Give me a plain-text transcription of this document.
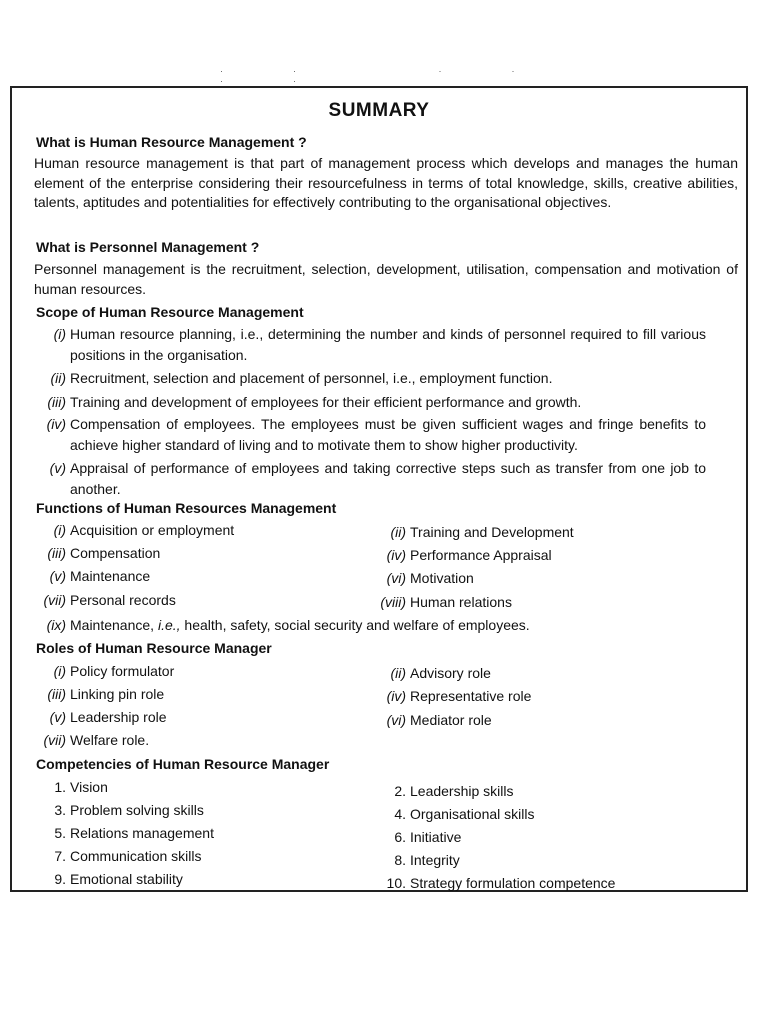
·· ·· ··
SUMMARY
What is Human Resource Management ?
Human resource management is that part of management process which develops and manages the human element of the enterprise considering their resourcefulness in terms of total knowledge, skills, creative abilities, talents, aptitudes and potentialities for effectively contributing to the organisational objectives.
What is Personnel Management ?
Personnel management is the recruitment, selection, development, utilisation, compensation and motivation of human resources.
Scope of Human Resource Management
(i) Human resource planning, i.e., determining the number and kinds of personnel required to fill various positions in the organisation.
(ii) Recruitment, selection and placement of personnel, i.e., employment function.
(iii) Training and development of employees for their efficient performance and growth.
(iv) Compensation of employees. The employees must be given sufficient wages and fringe benefits to achieve higher standard of living and to motivate them to show higher productivity.
(v) Appraisal of performance of employees and taking corrective steps such as transfer from one job to another.
Functions of Human Resources Management
(i) Acquisition or employment
(iii) Compensation
(v) Maintenance
(vii) Personal records
(ii) Training and Development
(iv) Performance Appraisal
(vi) Motivation
(viii) Human relations
(ix) Maintenance, i.e., health, safety, social security and welfare of employees.
Roles of Human Resource Manager
(i) Policy formulator
(iii) Linking pin role
(v) Leadership role
(vii) Welfare role.
(ii) Advisory role
(iv) Representative role
(vi) Mediator role
Competencies of Human Resource Manager
1. Vision
3. Problem solving skills
5. Relations management
7. Communication skills
9. Emotional stability
2. Leadership skills
4. Organisational skills
6. Initiative
8. Integrity
10. Strategy formulation competence
